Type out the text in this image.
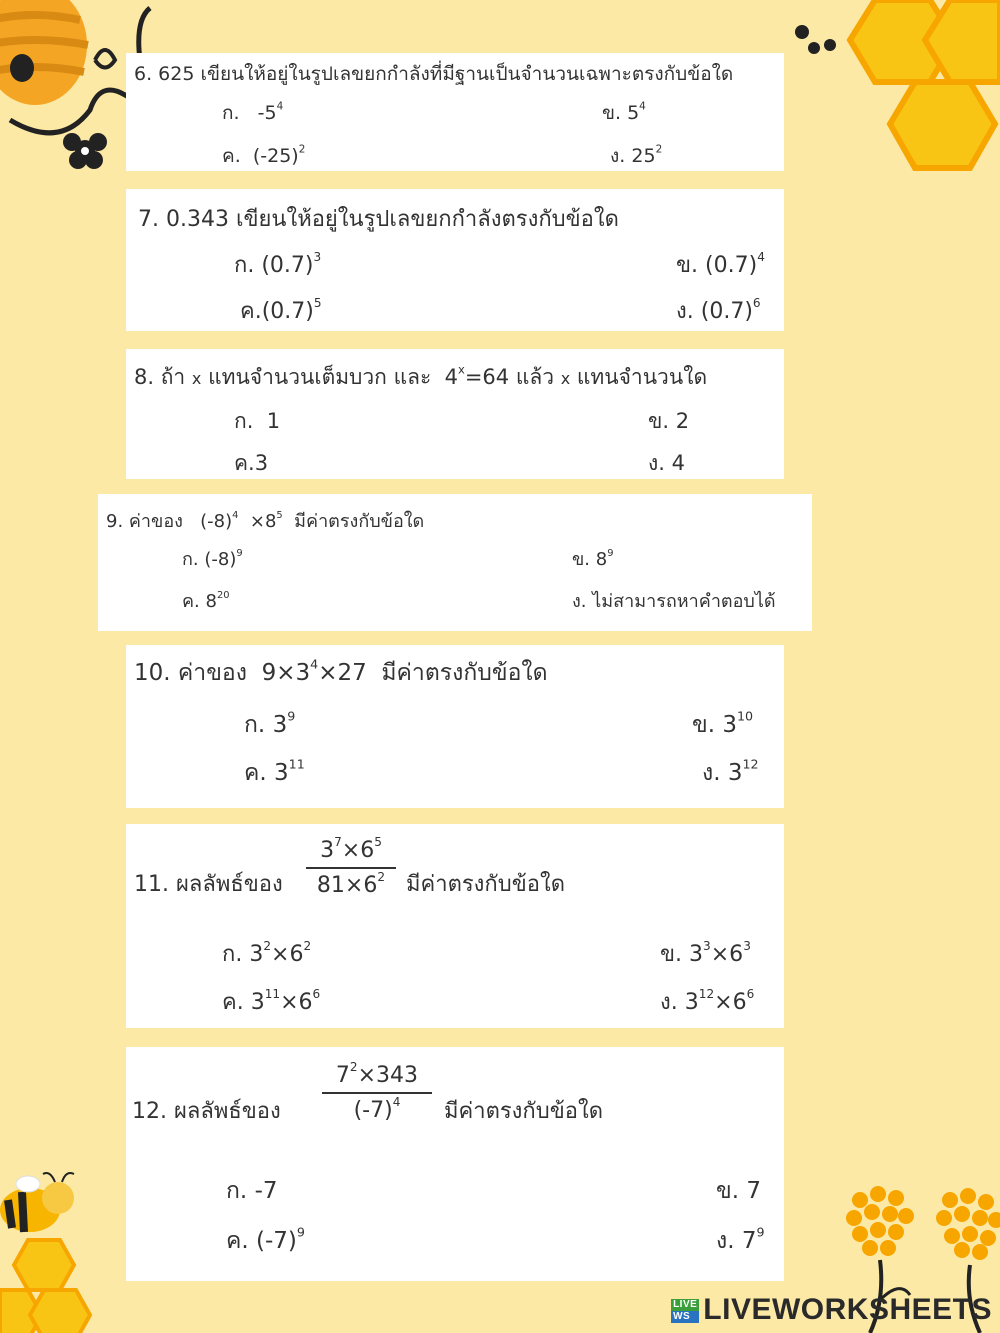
6. 625 เขียนให้อยู่ในรูปเลขยกกำลังที่มีฐานเป็นจำนวนเฉพาะตรงกับข้อใด
ก. $-5^4$	ข. $5^4$
ค. $(-25)^2$	ง. $25^2$
7. 0.343 เขียนให้อยู่ในรูปเลขยกกำลังตรงกับข้อใด
ก. $(0.7)^3$	ข. $(0.7)^4$
ค$.(0.7)^5$	ง. $(0.7)^6$
8. ถ้า x แทนจำนวนเต็มบวก และ $4^x=64$ แล้ว x แทนจำนวนใด
ก. 1	ข. 2
ค.3	ง. 4
9. ค่าของ $(-8)^4 \times 8^5$ มีค่าตรงกับข้อใด
ก. $(-8)^9$	ข. $8^9$
ค. $8^{20}$	ง. ไม่สามารถหาคำตอบได้
10. ค่าของ $9\times 3^4\times 27$ มีค่าตรงกับข้อใด
ก. $3^9$	ข. $3^{10}$
ค. $3^{11}$	ง. $3^{12}$
11. ผลลัพธ์ของ
$3^7\times 6^5$
$81\times 6^2$ มีค่าตรงกับข้อใด
ก. $3^2\times 6^2$	ข. $3^3\times 6^3$
ค. $3^{11}\times 6^6$	ง. $3^{12}\times 6^6$
12. ผลลัพธ์ของ
$7^2\times 343$
$(-7)^4$	มีค่าตรงกับข้อใด
ก. -7	ข. 7
ค. $(-7)^9$	ง. $7^9$
LIVE
WS LIVEWORKSHEETS
